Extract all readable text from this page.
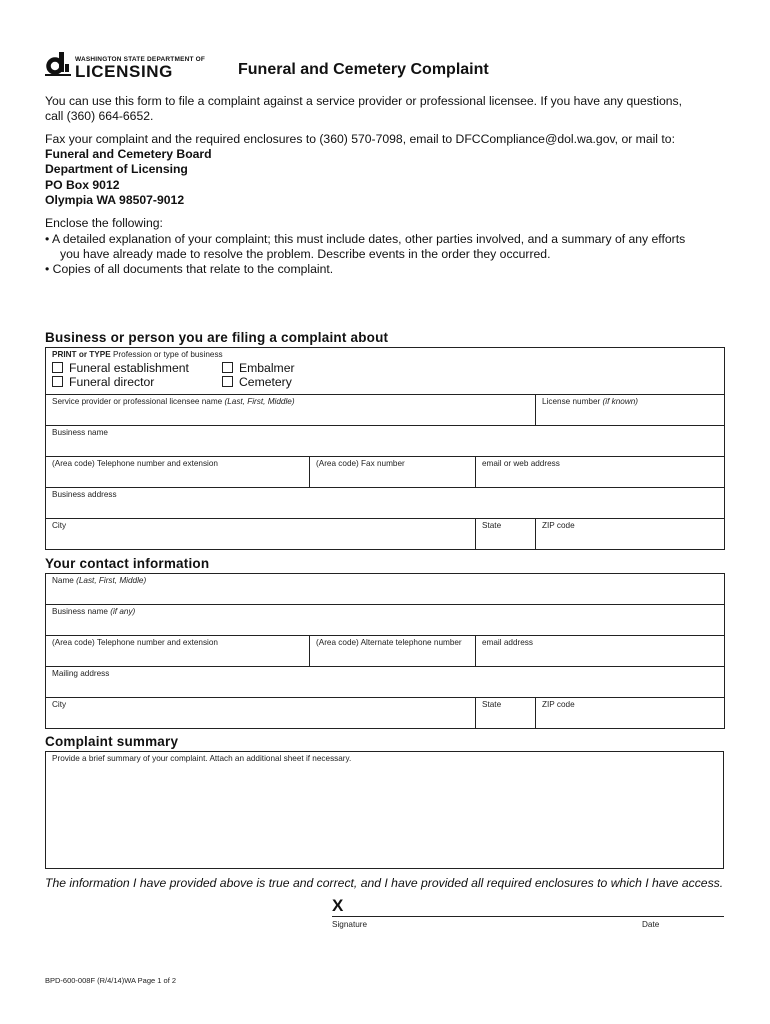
WASHINGTON STATE DEPARTMENT OF
LICENSING	Funeral and Cemetery Complaint
You can use this form to file a complaint against a service provider or professional licensee. If you have any questions,
call (360) 664-6652.
Fax your complaint and the required enclosures to (360) 570-7098, email to DFCCompliance@dol.wa.gov, or mail to:
Funeral and Cemetery Board
Department of Licensing
PO Box 9012
Olympia WA 98507-9012
Enclose the following:
• A detailed explanation of your complaint; this must include dates, other parties involved, and a summary of any efforts
you have already made to resolve the problem. Describe events in the order they occurred.
• Copies of all documents that relate to the complaint.
Business or person you are filing a complaint about
PRINT or TYPE Profession or type of business
Funeral establishment
Funeral director
Embalmer
Cemetery			

Service provider or professional licensee name (Last, First, Middle)			License number (if known)
Business name			
(Area code) Telephone number and extension	(Area code) Fax number	email or web address	
Business address			
City		State	ZIP code
Your contact information
Name (Last, First, Middle)			
Business name (if any)			
(Area code) Telephone number and extension	(Area code) Alternate telephone number	email address	
Mailing address			
City		State	ZIP code
Complaint summary
Provide a brief summary of your complaint. Attach an additional sheet if necessary.
The information I have provided above is true and correct, and I have provided all required enclosures to which I have access.
X
Signature	Date
BPD-600-008F (R/4/14)WA Page 1 of 2
